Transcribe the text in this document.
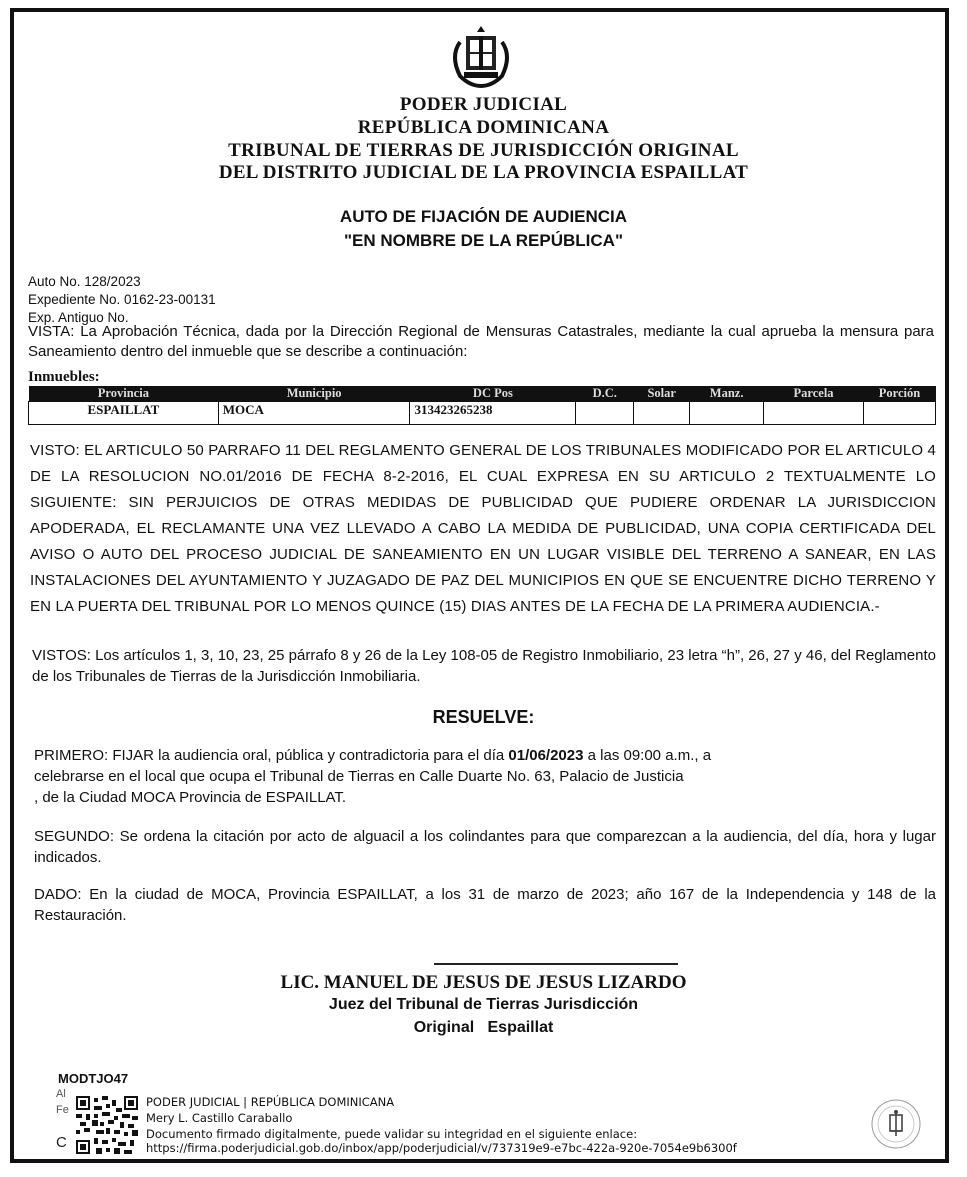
PODER JUDICIAL
REPÚBLICA DOMINICANA
TRIBUNAL DE TIERRAS DE JURISDICCIÓN ORIGINAL
DEL DISTRITO JUDICIAL DE LA PROVINCIA ESPAILLAT
AUTO DE FIJACIÓN DE AUDIENCIA
"EN NOMBRE DE LA REPÚBLICA"
Auto No. 128/2023
Expediente No. 0162-23-00131
Exp. Antiguo No.
VISTA: La Aprobación Técnica, dada por la Dirección Regional de Mensuras Catastrales, mediante la cual aprueba la mensura para Saneamiento dentro del inmueble que se describe a continuación:
Inmuebles:
Provincia	Municipio	DC Pos	D.C.	Solar	Manz.	Parcela	Porción
ESPAILLAT	MOCA	313423265238					
VISTO: EL ARTICULO 50 PARRAFO 11 DEL REGLAMENTO GENERAL DE LOS TRIBUNALES MODIFICADO POR EL ARTICULO 4 DE LA RESOLUCION NO.01/2016 DE FECHA 8-2-2016, EL CUAL EXPRESA EN SU ARTICULO 2 TEXTUALMENTE LO SIGUIENTE: SIN PERJUICIOS DE OTRAS MEDIDAS DE PUBLICIDAD QUE PUDIERE ORDENAR LA JURISDICCION APODERADA, EL RECLAMANTE UNA VEZ LLEVADO A CABO LA MEDIDA DE PUBLICIDAD, UNA COPIA CERTIFICADA DEL AVISO O AUTO DEL PROCESO JUDICIAL DE SANEAMIENTO EN UN LUGAR VISIBLE DEL TERRENO A SANEAR, EN LAS INSTALACIONES DEL AYUNTAMIENTO Y JUZAGADO DE PAZ DEL MUNICIPIOS EN QUE SE ENCUENTRE DICHO TERRENO Y EN LA PUERTA DEL TRIBUNAL POR LO MENOS QUINCE (15) DIAS ANTES DE LA FECHA DE LA PRIMERA AUDIENCIA.-
VISTOS: Los artículos 1, 3, 10, 23, 25 párrafo 8 y 26 de la Ley 108-05 de Registro Inmobiliario, 23 letra “h”, 26, 27 y 46, del Reglamento de los Tribunales de Tierras de la Jurisdicción Inmobiliaria.
RESUELVE:
PRIMERO: FIJAR la audiencia oral, pública y contradictoria para el día 01/06/2023 a las 09:00 a.m., a
celebrarse en el local que ocupa el Tribunal de Tierras en Calle Duarte No. 63, Palacio de Justicia
, de la Ciudad MOCA Provincia de ESPAILLAT.
SEGUNDO: Se ordena la citación por acto de alguacil a los colindantes para que comparezcan a la audiencia, del día, hora y lugar indicados.
DADO: En la ciudad de MOCA, Provincia ESPAILLAT, a los 31 de marzo de 2023; año 167 de la Independencia y 148 de la Restauración.
LIC. MANUEL DE JESUS DE JESUS LIZARDO
Juez del Tribunal de Tierras Jurisdicción
Original   Espaillat
MODTJO47
Al
Fe
C
PODER JUDICIAL | REPÚBLICA DOMINICANA
Mery L. Castillo Caraballo
Documento firmado digitalmente, puede validar su integridad en el siguiente enlace:
https://firma.poderjudicial.gob.do/inbox/app/poderjudicial/v/737319e9-e7bc-422a-920e-7054e9b6300f
